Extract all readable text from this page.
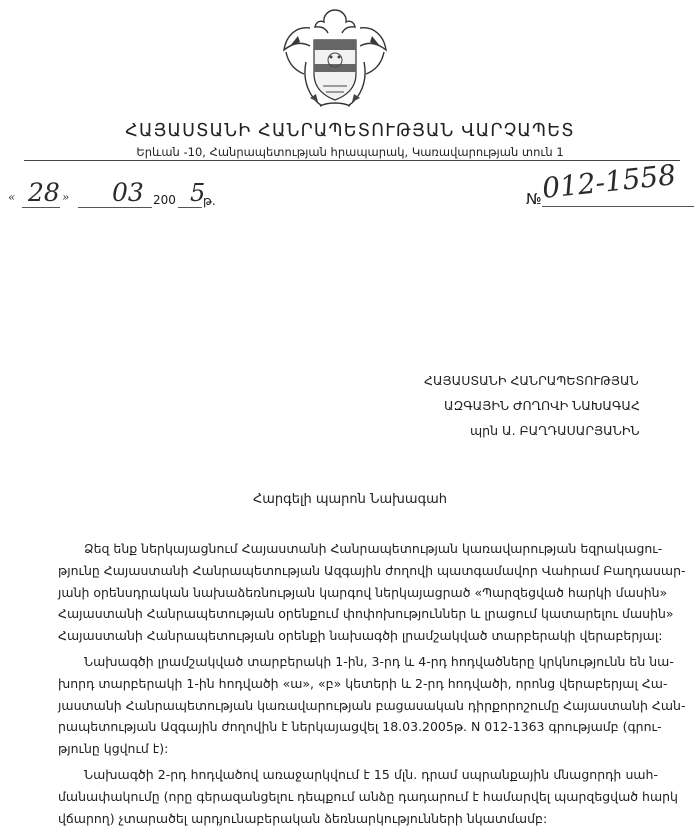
ՀԱՅԱՍՏԱՆԻ ՀԱՆՐԱՊԵՏՈՒԹՅԱՆ ՎԱՐՉԱՊԵՏ
Երևան -10, Հանրապետության հրապարակ, Կառավարության տուն 1
« 28 » 03 200 5
թ.	№
012-1558
ՀԱՅԱՍՏԱՆԻ ՀԱՆՐԱՊԵՏՈՒԹՅԱՆ
ԱԶԳԱՅԻՆ ԺՈՂՈՎԻ ՆԱԽԱԳԱՀ
պրն Ա. ԲԱՂԴԱՍԱՐՅԱՆԻՆ
Հարգելի պարոն Նախագահ
Ձեզ ենք ներկայացնում Հայաստանի Հանրապետության կառավարության եզրակացու-
թյունը Հայաստանի Հանրապետության Ազգային ժողովի պատգամավոր Վահրամ Բաղդասար-
յանի օրենսդրական նախաձեռնության կարգով ներկայացրած «Պարզեցված հարկի մասին»
Հայաստանի Հանրապետության օրենքում փոփոխություններ և լրացում կատարելու մասին»
Հայաստանի Հանրապետության օրենքի նախագծի լրամշակված տարբերակի վերաբերյալ:
Նախագծի լրամշակված տարբերակի 1-ին, 3-րդ և 4-րդ հոդվածները կրկնությունն են նա-
խորդ տարբերակի 1-ին հոդվածի «ա», «բ» կետերի և 2-րդ հոդվածի, որոնց վերաբերյալ Հա-
յաստանի Հանրապետության կառավարության բացասական դիրքորոշումը Հայաստանի Հան-
րապետության Ազգային ժողովին է ներկայացվել 18.03.2005թ. N 012-1363 գրությամբ (գրու-
թյունը կցվում է):
Նախագծի 2-րդ հոդվածով առաջարկվում է 15 մլն. դրամ սպրանքային մնացորդի սահ-
մանափակումը (որը գերազանցելու դեպքում անձը դադարում է համարվել պարզեցված հարկ
վճարող) չտարածել արդյունաբերական ձեռնարկությունների նկատմամբ:
